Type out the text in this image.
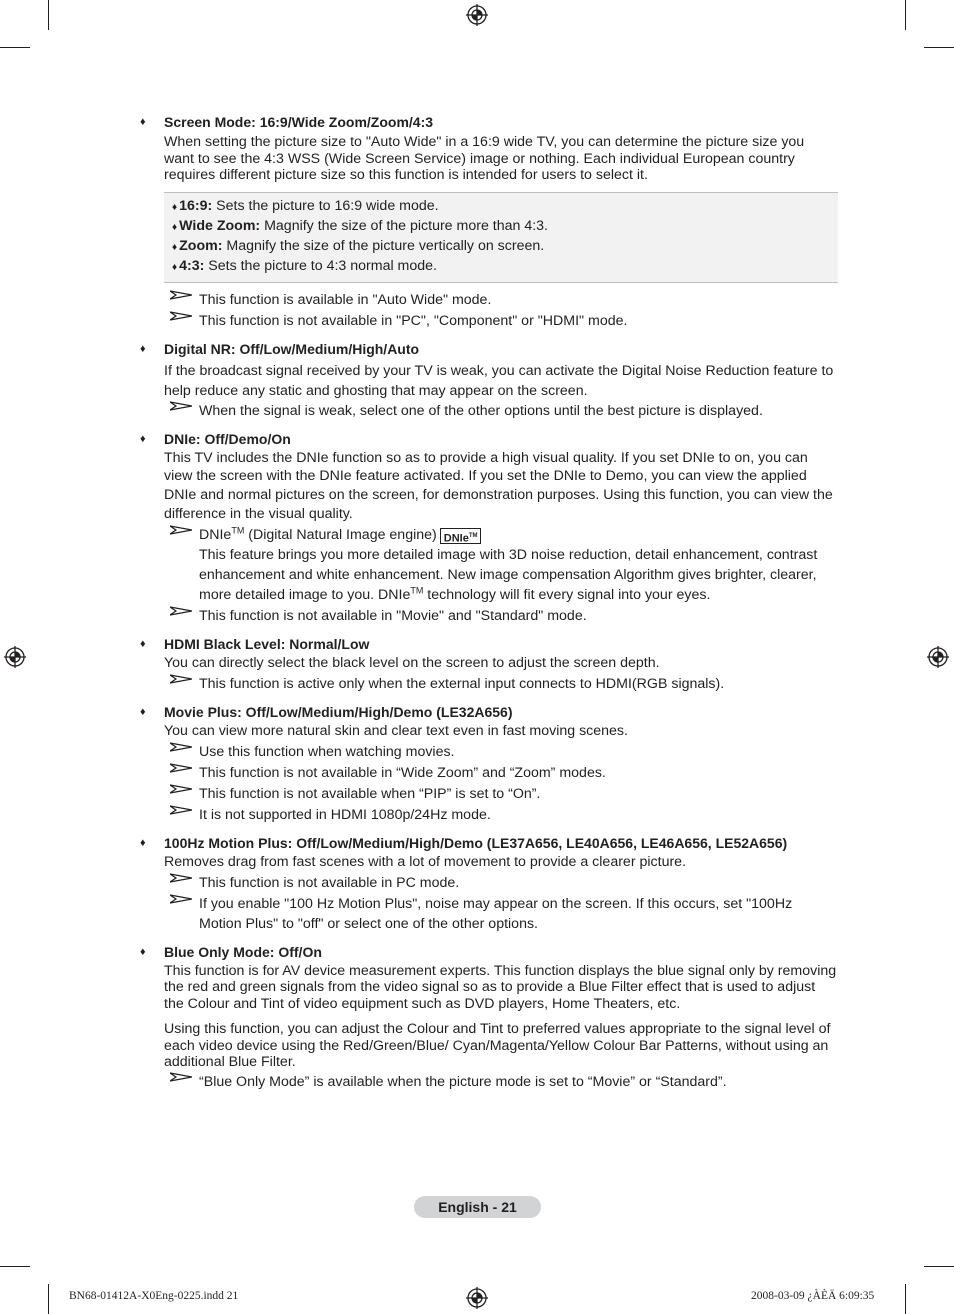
♦ Screen Mode: 16:9/Wide Zoom/Zoom/4:3

When setting the picture size to "Auto Wide" in a 16:9 wide TV, you can determine the picture size you want to see the 4:3 WSS (Wide Screen Service) image or nothing. Each individual European country requires different picture size so this function is intended for users to select it.

♦ 16:9: Sets the picture to 16:9 wide mode.
♦ Wide Zoom: Magnify the size of the picture more than 4:3.
♦ Zoom: Magnify the size of the picture vertically on screen.
♦ 4:3: Sets the picture to 4:3 normal mode.
This function is available in "Auto Wide" mode.
This function is not available in "PC", "Component" or "HDMI" mode.
♦ Digital NR: Off/Low/Medium/High/Auto

If the broadcast signal received by your TV is weak, you can activate the Digital Noise Reduction feature to help reduce any static and ghosting that may appear on the screen.

When the signal is weak, select one of the other options until the best picture is displayed.
♦ DNIe: Off/Demo/On

This TV includes the DNIe function so as to provide a high visual quality. If you set DNIe to on, you can view the screen with the DNIe feature activated. If you set the DNIe to Demo, you can view the applied DNIe and normal pictures on the screen, for demonstration purposes. Using this function, you can view the difference in the visual quality.

DNIe™ (Digital Natural Image engine) DNIe™
This feature brings you more detailed image with 3D noise reduction, detail enhancement, contrast enhancement and white enhancement. New image compensation Algorithm gives brighter, clearer, more detailed image to you. DNIe™ technology will fit every signal into your eyes.
This function is not available in "Movie" and "Standard" mode.
♦ HDMI Black Level: Normal/Low

You can directly select the black level on the screen to adjust the screen depth.

This function is active only when the external input connects to HDMI(RGB signals).
♦ Movie Plus: Off/Low/Medium/High/Demo (LE32A656)

You can view more natural skin and clear text even in fast moving scenes.

Use this function when watching movies.
This function is not available in “Wide Zoom” and “Zoom” modes.
This function is not available when “PIP” is set to “On”.
It is not supported in HDMI 1080p/24Hz mode.
♦ 100Hz Motion Plus: Off/Low/Medium/High/Demo (LE37A656, LE40A656, LE46A656, LE52A656)

Removes drag from fast scenes with a lot of movement to provide a clearer picture.

This function is not available in PC mode.
If you enable "100 Hz Motion Plus", noise may appear on the screen. If this occurs, set "100Hz Motion Plus" to "off" or select one of the other options.
♦ Blue Only Mode: Off/On

This function is for AV device measurement experts. This function displays the blue signal only by removing the red and green signals from the video signal so as to provide a Blue Filter effect that is used to adjust the Colour and Tint of video equipment such as DVD players, Home Theaters, etc.

Using this function, you can adjust the Colour and Tint to preferred values appropriate to the signal level of each video device using the Red/Green/Blue/ Cyan/Magenta/Yellow Colour Bar Patterns, without using an additional Blue Filter.

“Blue Only Mode” is available when the picture mode is set to “Movie” or “Standard”.
English - 21
BN68-01412A-X0Eng-0225.indd 21	2008-03-09 ¿ÀÈÄ 6:09:35
